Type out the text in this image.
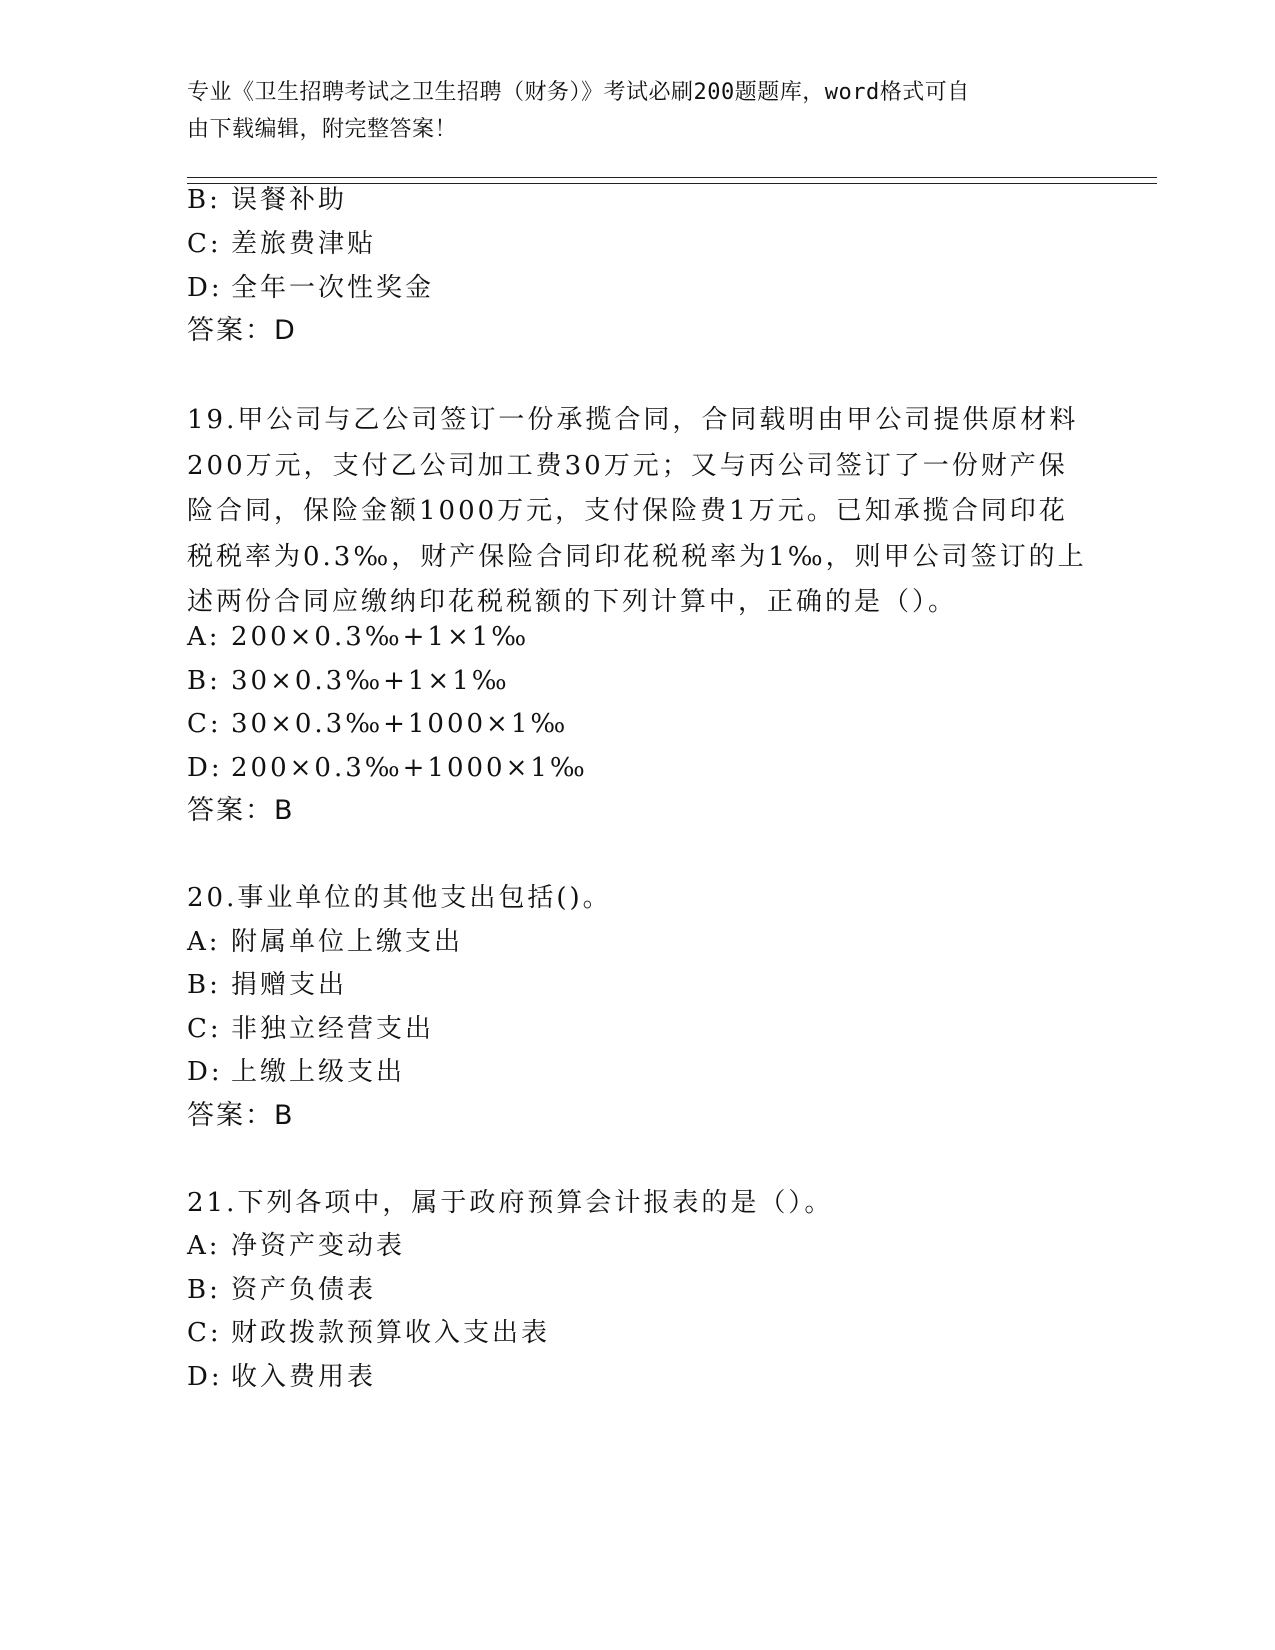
专业《卫生招聘考试之卫生招聘（财务）》考试必刷200题题库，word格式可自
由下载编辑，附完整答案！
B: 误餐补助
C: 差旅费津贴
D: 全年一次性奖金
答案：D
19.甲公司与乙公司签订一份承揽合同，合同载明由甲公司提供原材料
200万元，支付乙公司加工费30万元；又与丙公司签订了一份财产保
险合同，保险金额1000万元，支付保险费1万元。已知承揽合同印花
税税率为0.3‰，财产保险合同印花税税率为1‰，则甲公司签订的上
述两份合同应缴纳印花税税额的下列计算中，正确的是（）。
A: 200×0.3‰+1×1‰
B: 30×0.3‰+1×1‰
C: 30×0.3‰+1000×1‰
D: 200×0.3‰+1000×1‰
答案：B
20.事业单位的其他支出包括()。
A: 附属单位上缴支出
B: 捐赠支出
C: 非独立经营支出
D: 上缴上级支出
答案：B
21.下列各项中，属于政府预算会计报表的是（）。
A: 净资产变动表
B: 资产负债表
C: 财政拨款预算收入支出表
D: 收入费用表
